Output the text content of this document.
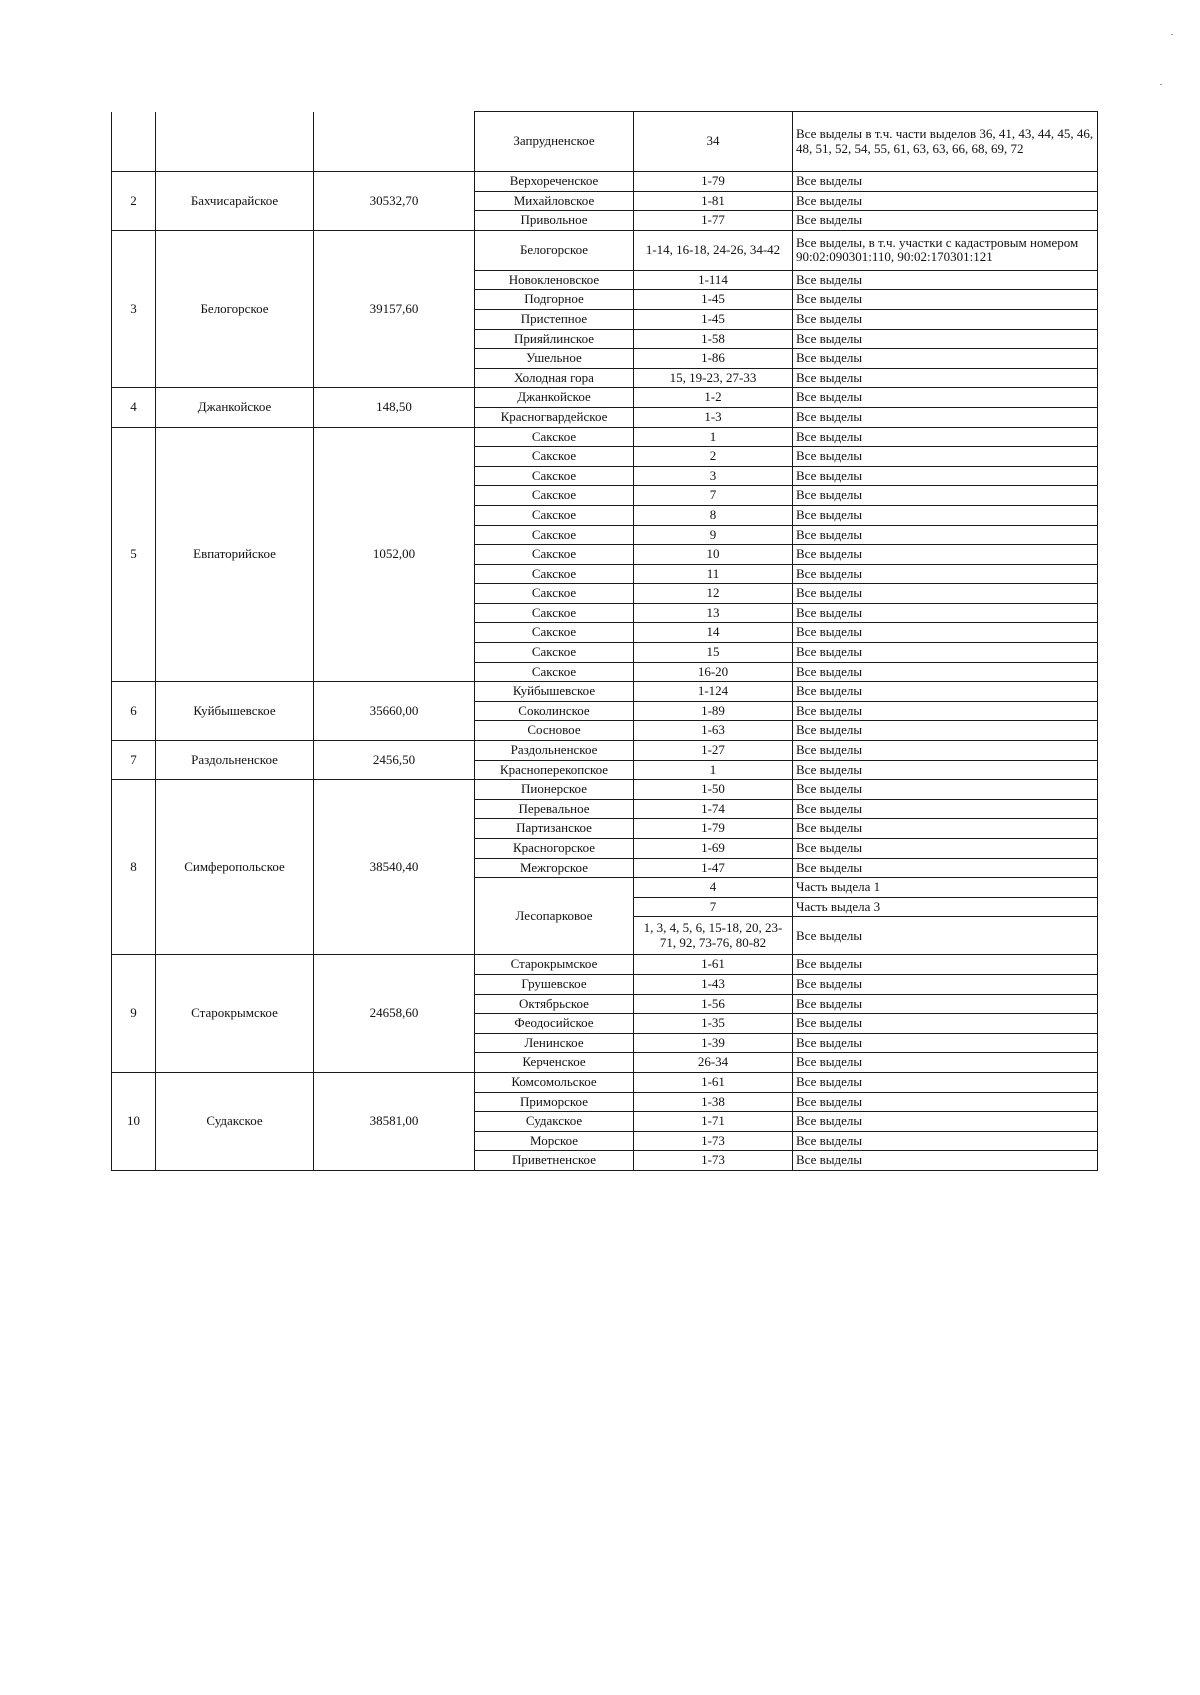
			Запрудненское	34	Все выделы в т.ч. части выделов 36, 41, 43, 44, 45, 46, 48, 51, 52, 54, 55, 61, 63, 63, 66, 68, 69, 72
2	Бахчисарайское	30532,70	Верхореченское	1-79	Все выделы
			Михайловское	1-81	Все выделы
			Привольное	1-77	Все выделы
3	Белогорское	39157,60	Белогорское	1-14, 16-18, 24-26, 34-42	Все выделы, в т.ч. участки с кадастровым номером 90:02:090301:110, 90:02:170301:121
			Новокленовское	1-114	Все выделы
			Подгорное	1-45	Все выделы
			Пристепное	1-45	Все выделы
			Прияйлинское	1-58	Все выделы
			Ушельное	1-86	Все выделы
			Холодная гора	15, 19-23, 27-33	Все выделы
4	Джанкойское	148,50	Джанкойское	1-2	Все выделы
			Красногвардейское	1-3	Все выделы
5	Евпаторийское	1052,00	Сакское	1	Все выделы
			Сакское	2	Все выделы
			Сакское	3	Все выделы
			Сакское	7	Все выделы
			Сакское	8	Все выделы
			Сакское	9	Все выделы
			Сакское	10	Все выделы
			Сакское	11	Все выделы
			Сакское	12	Все выделы
			Сакское	13	Все выделы
			Сакское	14	Все выделы
			Сакское	15	Все выделы
			Сакское	16-20	Все выделы
6	Куйбышевское	35660,00	Куйбышевское	1-124	Все выделы
			Соколинское	1-89	Все выделы
			Сосновое	1-63	Все выделы
7	Раздольненское	2456,50	Раздольненское	1-27	Все выделы
			Краснoперекопское	1	Все выделы
8	Симферопольское	38540,40	Пионерское	1-50	Все выделы
			Перевальное	1-74	Все выделы
			Партизанское	1-79	Все выделы
			Красногорское	1-69	Все выделы
			Межгорское	1-47	Все выделы
			Лесопарковое	4	Часть выдела 1
				7	Часть выдела 3
				1, 3, 4, 5, 6, 15-18, 20, 23-71, 92, 73-76, 80-82	Все выделы
9	Старокрымское	24658,60	Старокрымское	1-61	Все выделы
			Грушевское	1-43	Все выделы
			Октябрьское	1-56	Все выделы
			Феодосийское	1-35	Все выделы
			Ленинское	1-39	Все выделы
			Керченское	26-34	Все выделы
10	Судакское	38581,00	Комсомольское	1-61	Все выделы
			Приморское	1-38	Все выделы
			Судакское	1-71	Все выделы
			Морское	1-73	Все выделы
			Привeтненское	1-73	Все выделы
